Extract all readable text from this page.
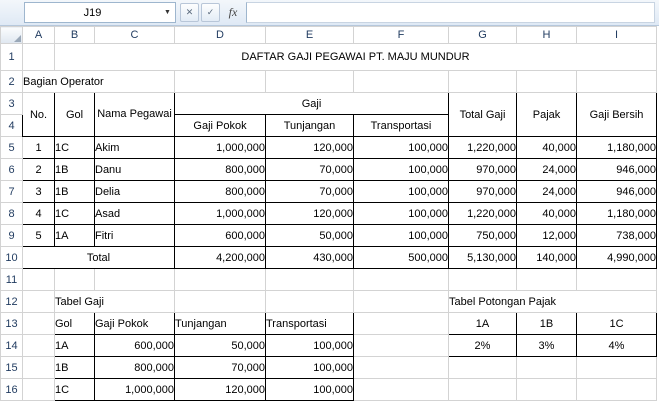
J19	▼	✕	✓	fx
	A	B	C	D	E	F	G	H	I
1		DAFTAR GAJI PEGAWAI PT. MAJU MUNDUR							
2	Bagian Operator								
3	No.	Gol	Nama Pegawai	Gaji			Total Gaji	Pajak	Gaji Bersih
4				Gaji Pokok	Tunjangan	Transportasi			
5	1	1C	Akim	1,000,000	120,000	100,000	1,220,000	40,000	1,180,000
6	2	1B	Danu	800,000	70,000	100,000	970,000	24,000	946,000
7	3	1B	Delia	800,000	70,000	100,000	970,000	24,000	946,000
8	4	1C	Asad	1,000,000	120,000	100,000	1,220,000	40,000	1,180,000
9	5	1A	Fitri	600,000	50,000	100,000	750,000	12,000	738,000
10	Total			4,200,000	430,000	500,000	5,130,000	140,000	4,990,000
11									
12		Tabel Gaji					Tabel Potongan Pajak		
13		Gol	Gaji Pokok	Tunjangan	Transportasi		1A	1B	1C
14		1A	600,000	50,000	100,000		2%	3%	4%
15		1B	800,000	70,000	100,000				
16		1C	1,000,000	120,000	100,000				
